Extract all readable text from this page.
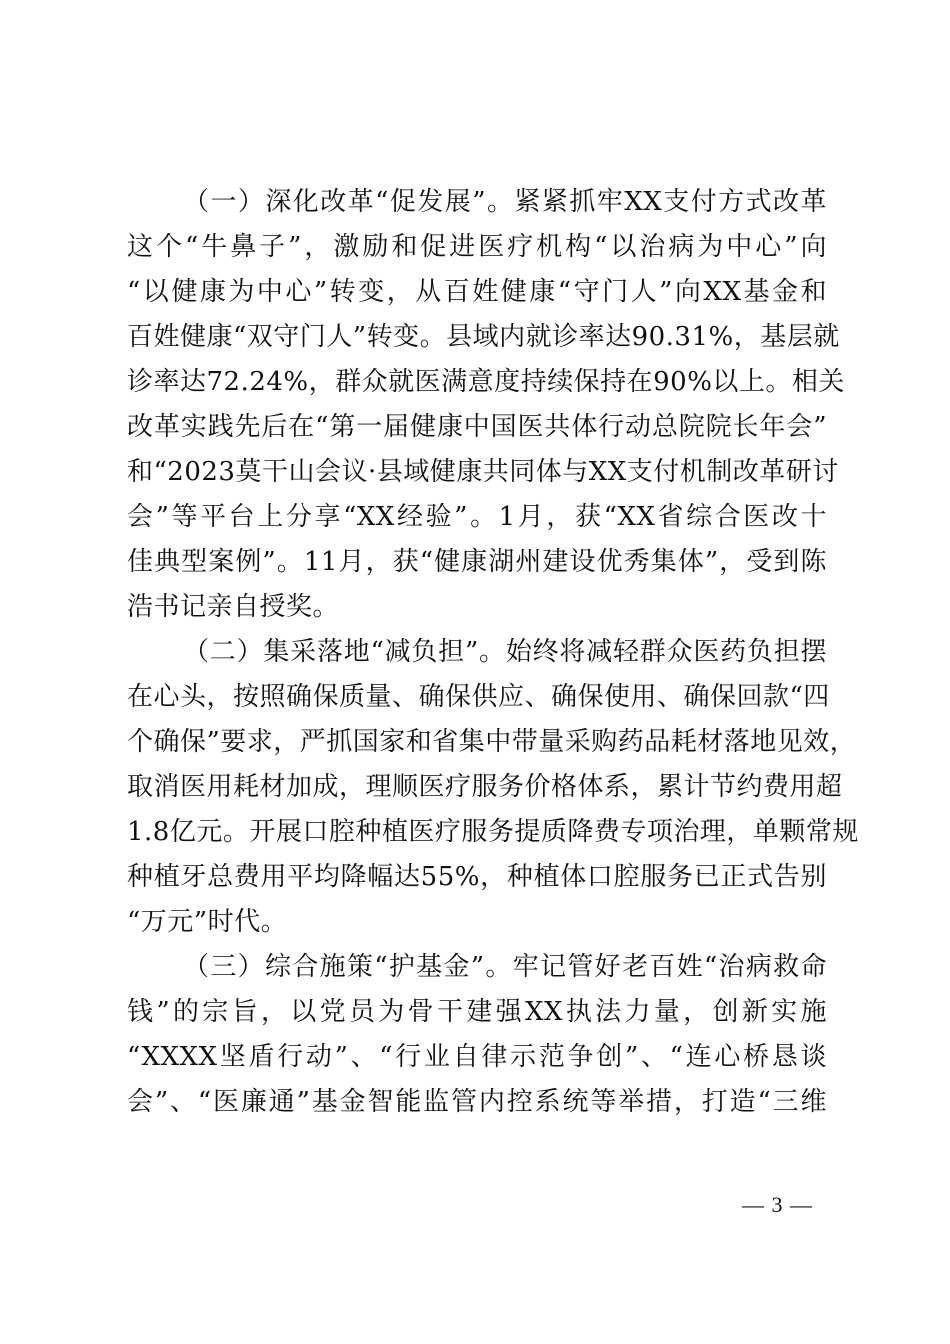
（一）深化改革“促发展”。紧紧抓牢XX支付方式改革
这个“牛鼻子”，激励和促进医疗机构“以治病为中心”向
“以健康为中心”转变，从百姓健康“守门人”向XX基金和
百姓健康“双守门人”转变。县域内就诊率达90.31%，基层就
诊率达72.24%，群众就医满意度持续保持在90%以上。相关
改革实践先后在“第一届健康中国医共体行动总院院长年会”
和“2023莫干山会议·县域健康共同体与XX支付机制改革研讨
会”等平台上分享“XX经验”。1月，获“XX省综合医改十
佳典型案例”。11月，获“健康湖州建设优秀集体”，受到陈
浩书记亲自授奖。
（二）集采落地“减负担”。始终将减轻群众医药负担摆
在心头，按照确保质量、确保供应、确保使用、确保回款“四
个确保”要求，严抓国家和省集中带量采购药品耗材落地见效，
取消医用耗材加成，理顺医疗服务价格体系，累计节约费用超
1.8亿元。开展口腔种植医疗服务提质降费专项治理，单颗常规
种植牙总费用平均降幅达55%，种植体口腔服务已正式告别
“万元”时代。
（三）综合施策“护基金”。牢记管好老百姓“治病救命
钱”的宗旨，以党员为骨干建强XX执法力量，创新实施
“XXXX坚盾行动”、“行业自律示范争创”、“连心桥恳谈
会”、“医廉通”基金智能监管内控系统等举措，打造“三维
— 3 —
